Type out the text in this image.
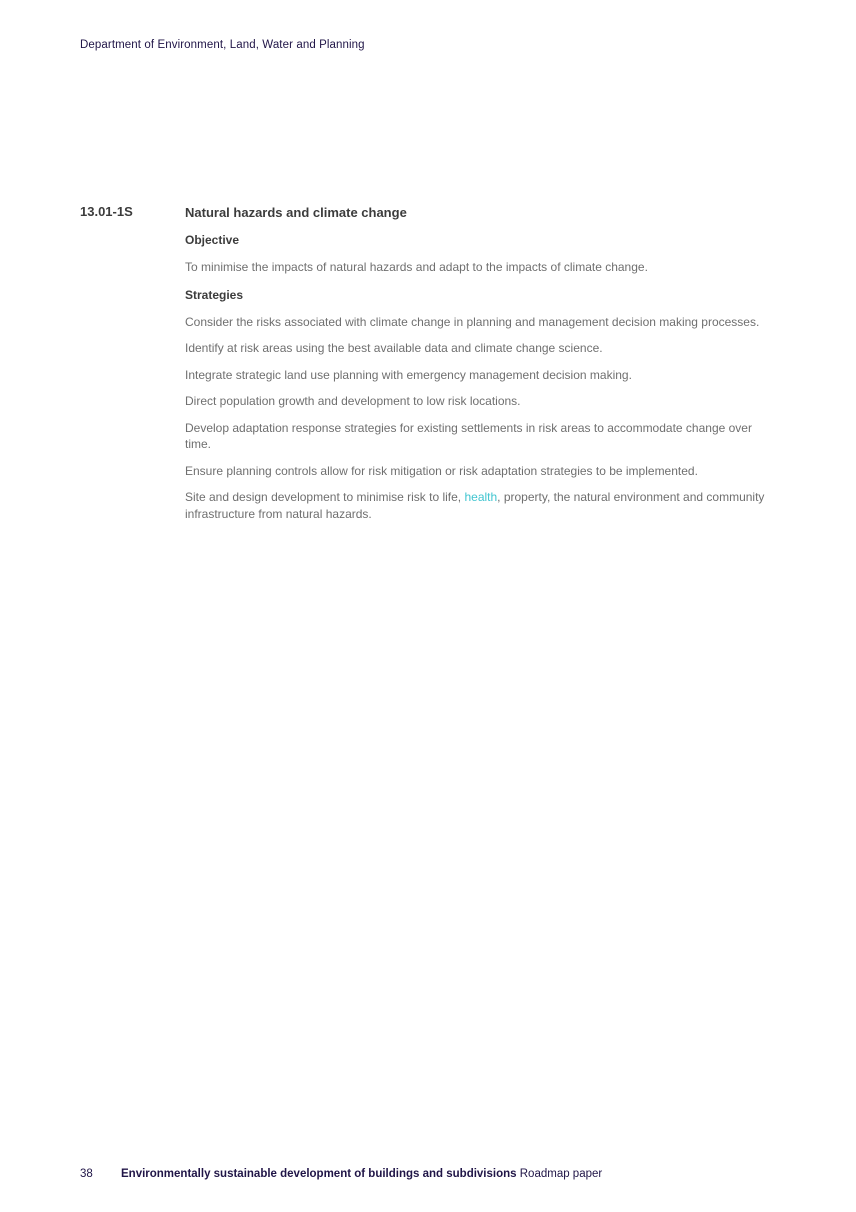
Department of Environment, Land, Water and Planning
13.01-1S	Natural hazards and climate change
Objective

To minimise the impacts of natural hazards and adapt to the impacts of climate change.

Strategies

Consider the risks associated with climate change in planning and management decision making processes.

Identify at risk areas using the best available data and climate change science.

Integrate strategic land use planning with emergency management decision making.

Direct population growth and development to low risk locations.

Develop adaptation response strategies for existing settlements in risk areas to accommodate change over time.

Ensure planning controls allow for risk mitigation or risk adaptation strategies to be implemented.

Site and design development to minimise risk to life, health, property, the natural environment and community infrastructure from natural hazards.

38 Environmentally sustainable development of buildings and subdivisions Roadmap paper
